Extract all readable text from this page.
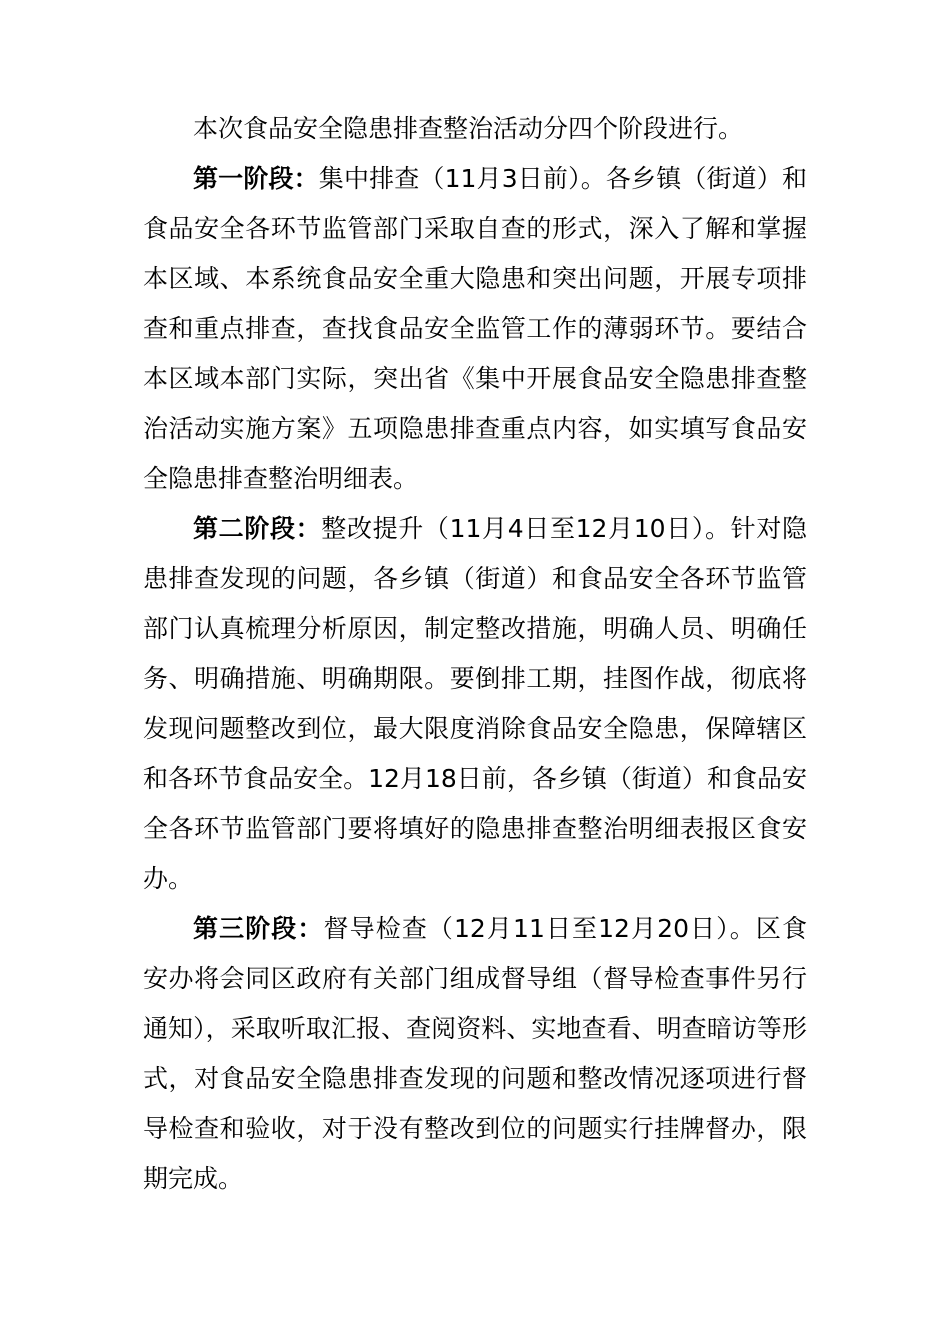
本次食品安全隐患排查整治活动分四个阶段进行。

第一阶段：集中排查（11月3日前）。各乡镇（街道）和食品安全各环节监管部门采取自查的形式，深入了解和掌握本区域、本系统食品安全重大隐患和突出问题，开展专项排查和重点排查，查找食品安全监管工作的薄弱环节。要结合本区域本部门实际，突出省《集中开展食品安全隐患排查整治活动实施方案》五项隐患排查重点内容，如实填写食品安全隐患排查整治明细表。

第二阶段：整改提升（11月4日至12月10日）。针对隐患排查发现的问题，各乡镇（街道）和食品安全各环节监管部门认真梳理分析原因，制定整改措施，明确人员、明确任务、明确措施、明确期限。要倒排工期，挂图作战，彻底将发现问题整改到位，最大限度消除食品安全隐患，保障辖区和各环节食品安全。12月18日前，各乡镇（街道）和食品安全各环节监管部门要将填好的隐患排查整治明细表报区食安办。

第三阶段：督导检查（12月11日至12月20日）。区食安办将会同区政府有关部门组成督导组（督导检查事件另行通知），采取听取汇报、查阅资料、实地查看、明查暗访等形式，对食品安全隐患排查发现的问题和整改情况逐项进行督导检查和验收，对于没有整改到位的问题实行挂牌督办，限期完成。
